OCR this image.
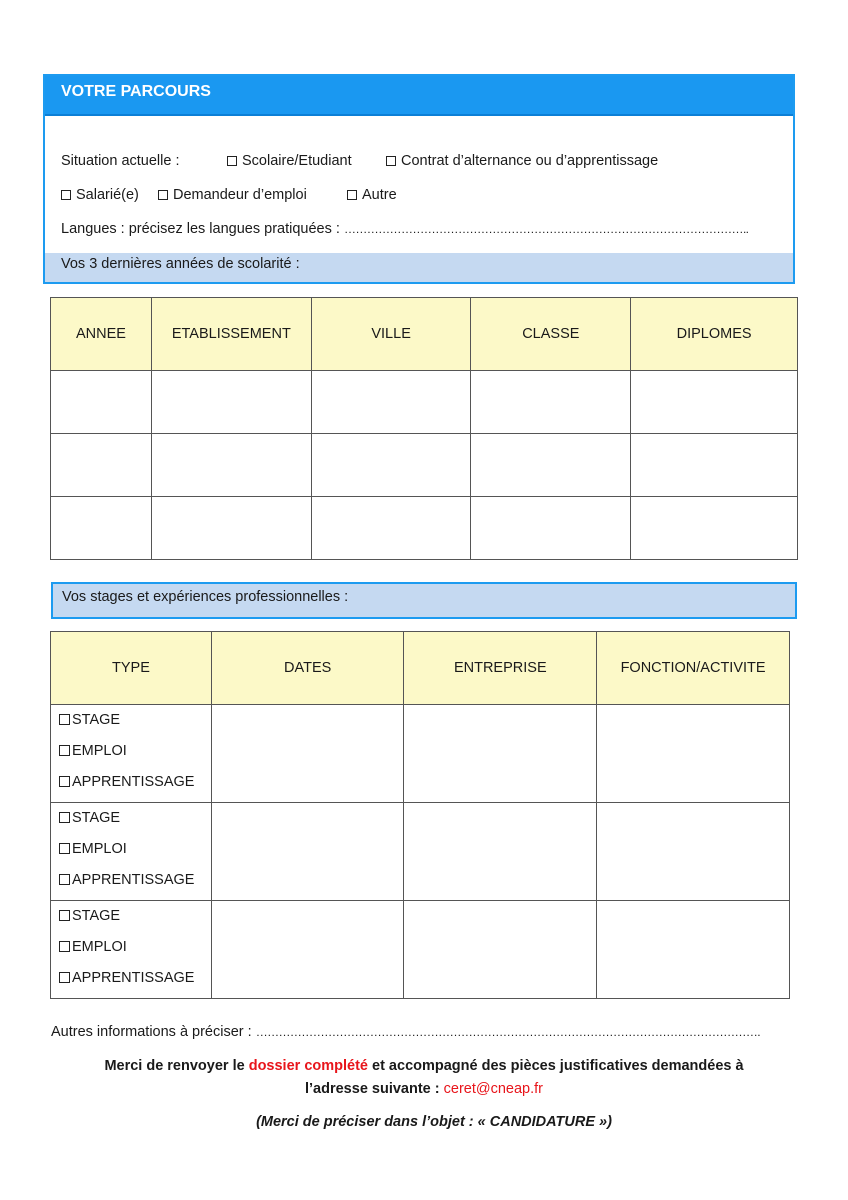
VOTRE PARCOURS
Situation actuelle :	Scolaire/Etudiant	Contrat d’alternance ou d’apprentissage
Salarié(e)	Demandeur d’emploi	Autre
Langues : précisez les langues pratiquées : ……………………………………………………………………………………………..
Vos 3 dernières années de scolarité :
ANNEE	ETABLISSEMENT	VILLE	CLASSE	DIPLOMES

Vos stages et expériences professionnelles :
TYPE	DATES	ENTREPRISE	FONCTION/ACTIVITE

STAGE
EMPLOI
APPRENTISSAGE			

STAGE
EMPLOI
APPRENTISSAGE			

STAGE
EMPLOI
APPRENTISSAGE			

Autres informations à préciser : …………………………………………………………………………………………………………………….
Merci de renvoyer le dossier complété et accompagné des pièces justificatives demandées à
l’adresse suivante : ceret@cneap.fr
(Merci de préciser dans l’objet : « CANDIDATURE »)
